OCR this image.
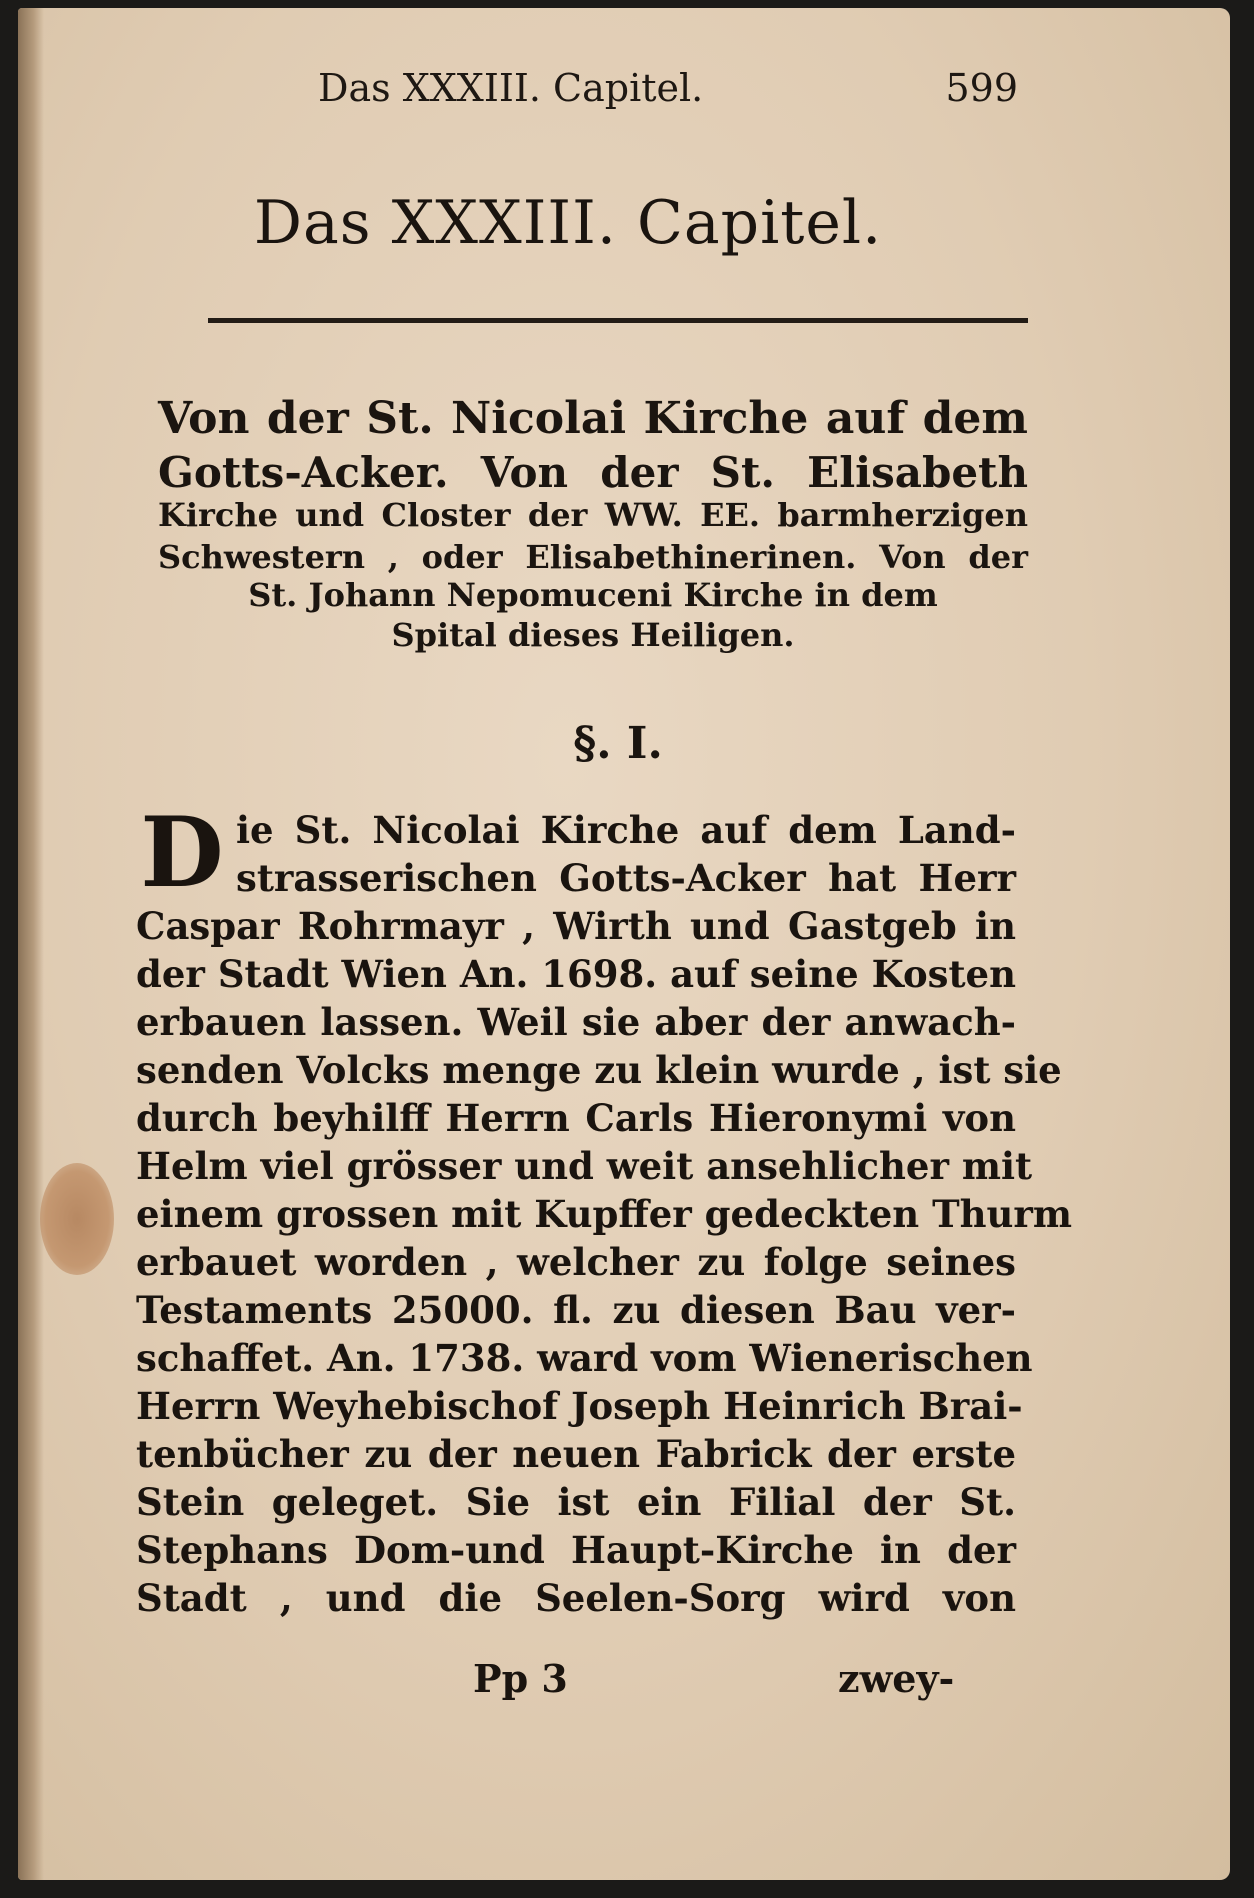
Das XXXIII. Capitel.	599
Das XXXIII. Capitel.
Von der St. Nicolai Kirche auf dem
Gotts-Acker. Von der St. Elisabeth
Kirche und Closter der WW. EE. barmherzigen
Schwestern , oder Elisabethinerinen. Von der
St. Johann Nepomuceni Kirche in dem
Spital dieses Heiligen.
§. I.
D ie St. Nicolai Kirche auf dem Land-
strasserischen Gotts-Acker hat Herr
Caspar Rohrmayr , Wirth und Gastgeb in
der Stadt Wien An. 1698. auf seine Kosten
erbauen lassen. Weil sie aber der anwach-
senden Volcks menge zu klein wurde , ist sie
durch beyhilff Herrn Carls Hieronymi von
Helm viel grösser und weit ansehlicher mit
einem grossen mit Kupffer gedeckten Thurm
erbauet worden , welcher zu folge seines
Testaments 25000. fl. zu diesen Bau ver-
schaffet. An. 1738. ward vom Wienerischen
Herrn Weyhebischof Joseph Heinrich Brai-
tenbücher zu der neuen Fabrick der erste
Stein geleget. Sie ist ein Filial der St.
Stephans Dom-und Haupt-Kirche in der
Stadt , und die Seelen-Sorg wird von
Pp 3	zwey-
